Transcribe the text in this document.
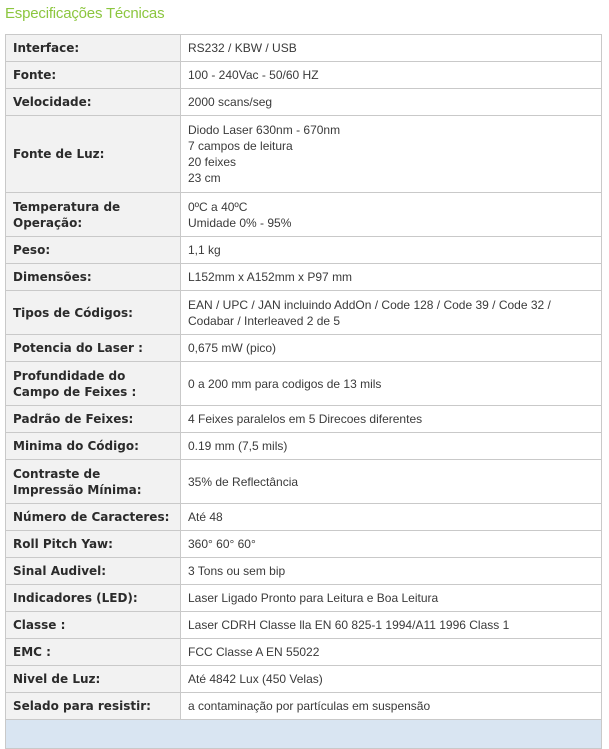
Especificações Técnicas
Interface:	RS232 / KBW / USB

Fonte:	100 - 240Vac - 50/60 HZ

Velocidade:	2000 scans/seg

Fonte de Luz:	Diodo Laser 630nm - 670nm
7 campos de leitura
20 feixes
23 cm

Temperatura de Operação:	0ºC a 40ºC
Umidade 0% - 95%

Peso:	1,1 kg

Dimensões:	L152mm x A152mm x P97 mm

Tipos de Códigos:	EAN / UPC / JAN incluindo AddOn / Code 128 / Code 39 / Code 32 /
Codabar / Interleaved 2 de 5

Potencia do Laser :	0,675 mW (pico)

Profundidade do Campo de Feixes :	0 a 200 mm para codigos de 13 mils

Padrão de Feixes:	4 Feixes paralelos em 5 Direcoes diferentes

Minima do Código:	0.19 mm (7,5 mils)

Contraste de Impressão Mínima:	35% de Reflectância

Número de Caracteres:	Até 48

Roll Pitch Yaw:	360° 60° 60°

Sinal Audivel:	3 Tons ou sem bip

Indicadores (LED):	Laser Ligado Pronto para Leitura e Boa Leitura

Classe :	Laser CDRH Classe lla EN 60 825-1 1994/A11 1996 Class 1

EMC :	FCC Classe A EN 55022

Nivel de Luz:	Até 4842 Lux (450 Velas)

Selado para resistir:	a contaminação por partículas em suspensão
